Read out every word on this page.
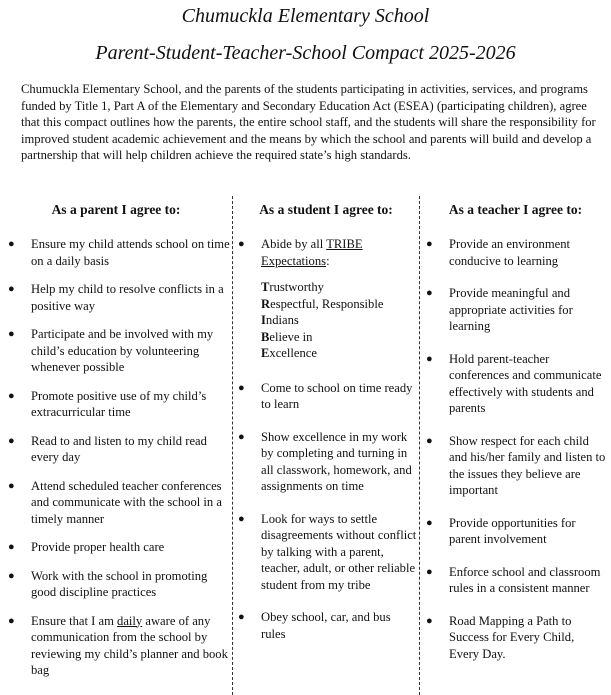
Chumuckla Elementary School
Parent-Student-Teacher-School Compact 2025-2026

Chumuckla Elementary School, and the parents of the students participating in activities, services, and programs funded by Title 1, Part A of the Elementary and Secondary Education Act (ESEA) (participating children), agree that this compact outlines how the parents, the entire school staff, and the students will share the responsibility for improved student academic achievement and the means by which the school and parents will build and develop a partnership that will help children achieve the required state’s high standards.

As a parent I agree to:	As a student I agree to:	As a teacher I agree to:
● Ensure my child attends school on time on a daily basis
● Help my child to resolve conflicts in a positive way
● Participate and be involved with my child’s education by volunteering whenever possible
● Promote positive use of my child’s extracurricular time
● Read to and listen to my child read every day
● Attend scheduled teacher conferences and communicate with the school in a timely manner
● Provide proper health care
● Work with the school in promoting good discipline practices
● Ensure that I am daily aware of any communication from the school by reviewing my child’s planner and book bag
● Abide by all TRIBE Expectations:
Trustworthy
Respectful, Responsible
Indians
Believe in
Excellence
● Come to school on time ready to learn
● Show excellence in my work by completing and turning in all classwork, homework, and assignments on time
● Look for ways to settle disagreements without conflict by talking with a parent, teacher, adult, or other reliable student from my tribe
● Obey school, car, and bus rules
● Provide an environment conducive to learning
● Provide meaningful and appropriate activities for learning
● Hold parent-teacher conferences and communicate effectively with students and parents
● Show respect for each child and his/her family and listen to the issues they believe are important
● Provide opportunities for parent involvement
● Enforce school and classroom rules in a consistent manner
● Road Mapping a Path to Success for Every Child, Every Day.
